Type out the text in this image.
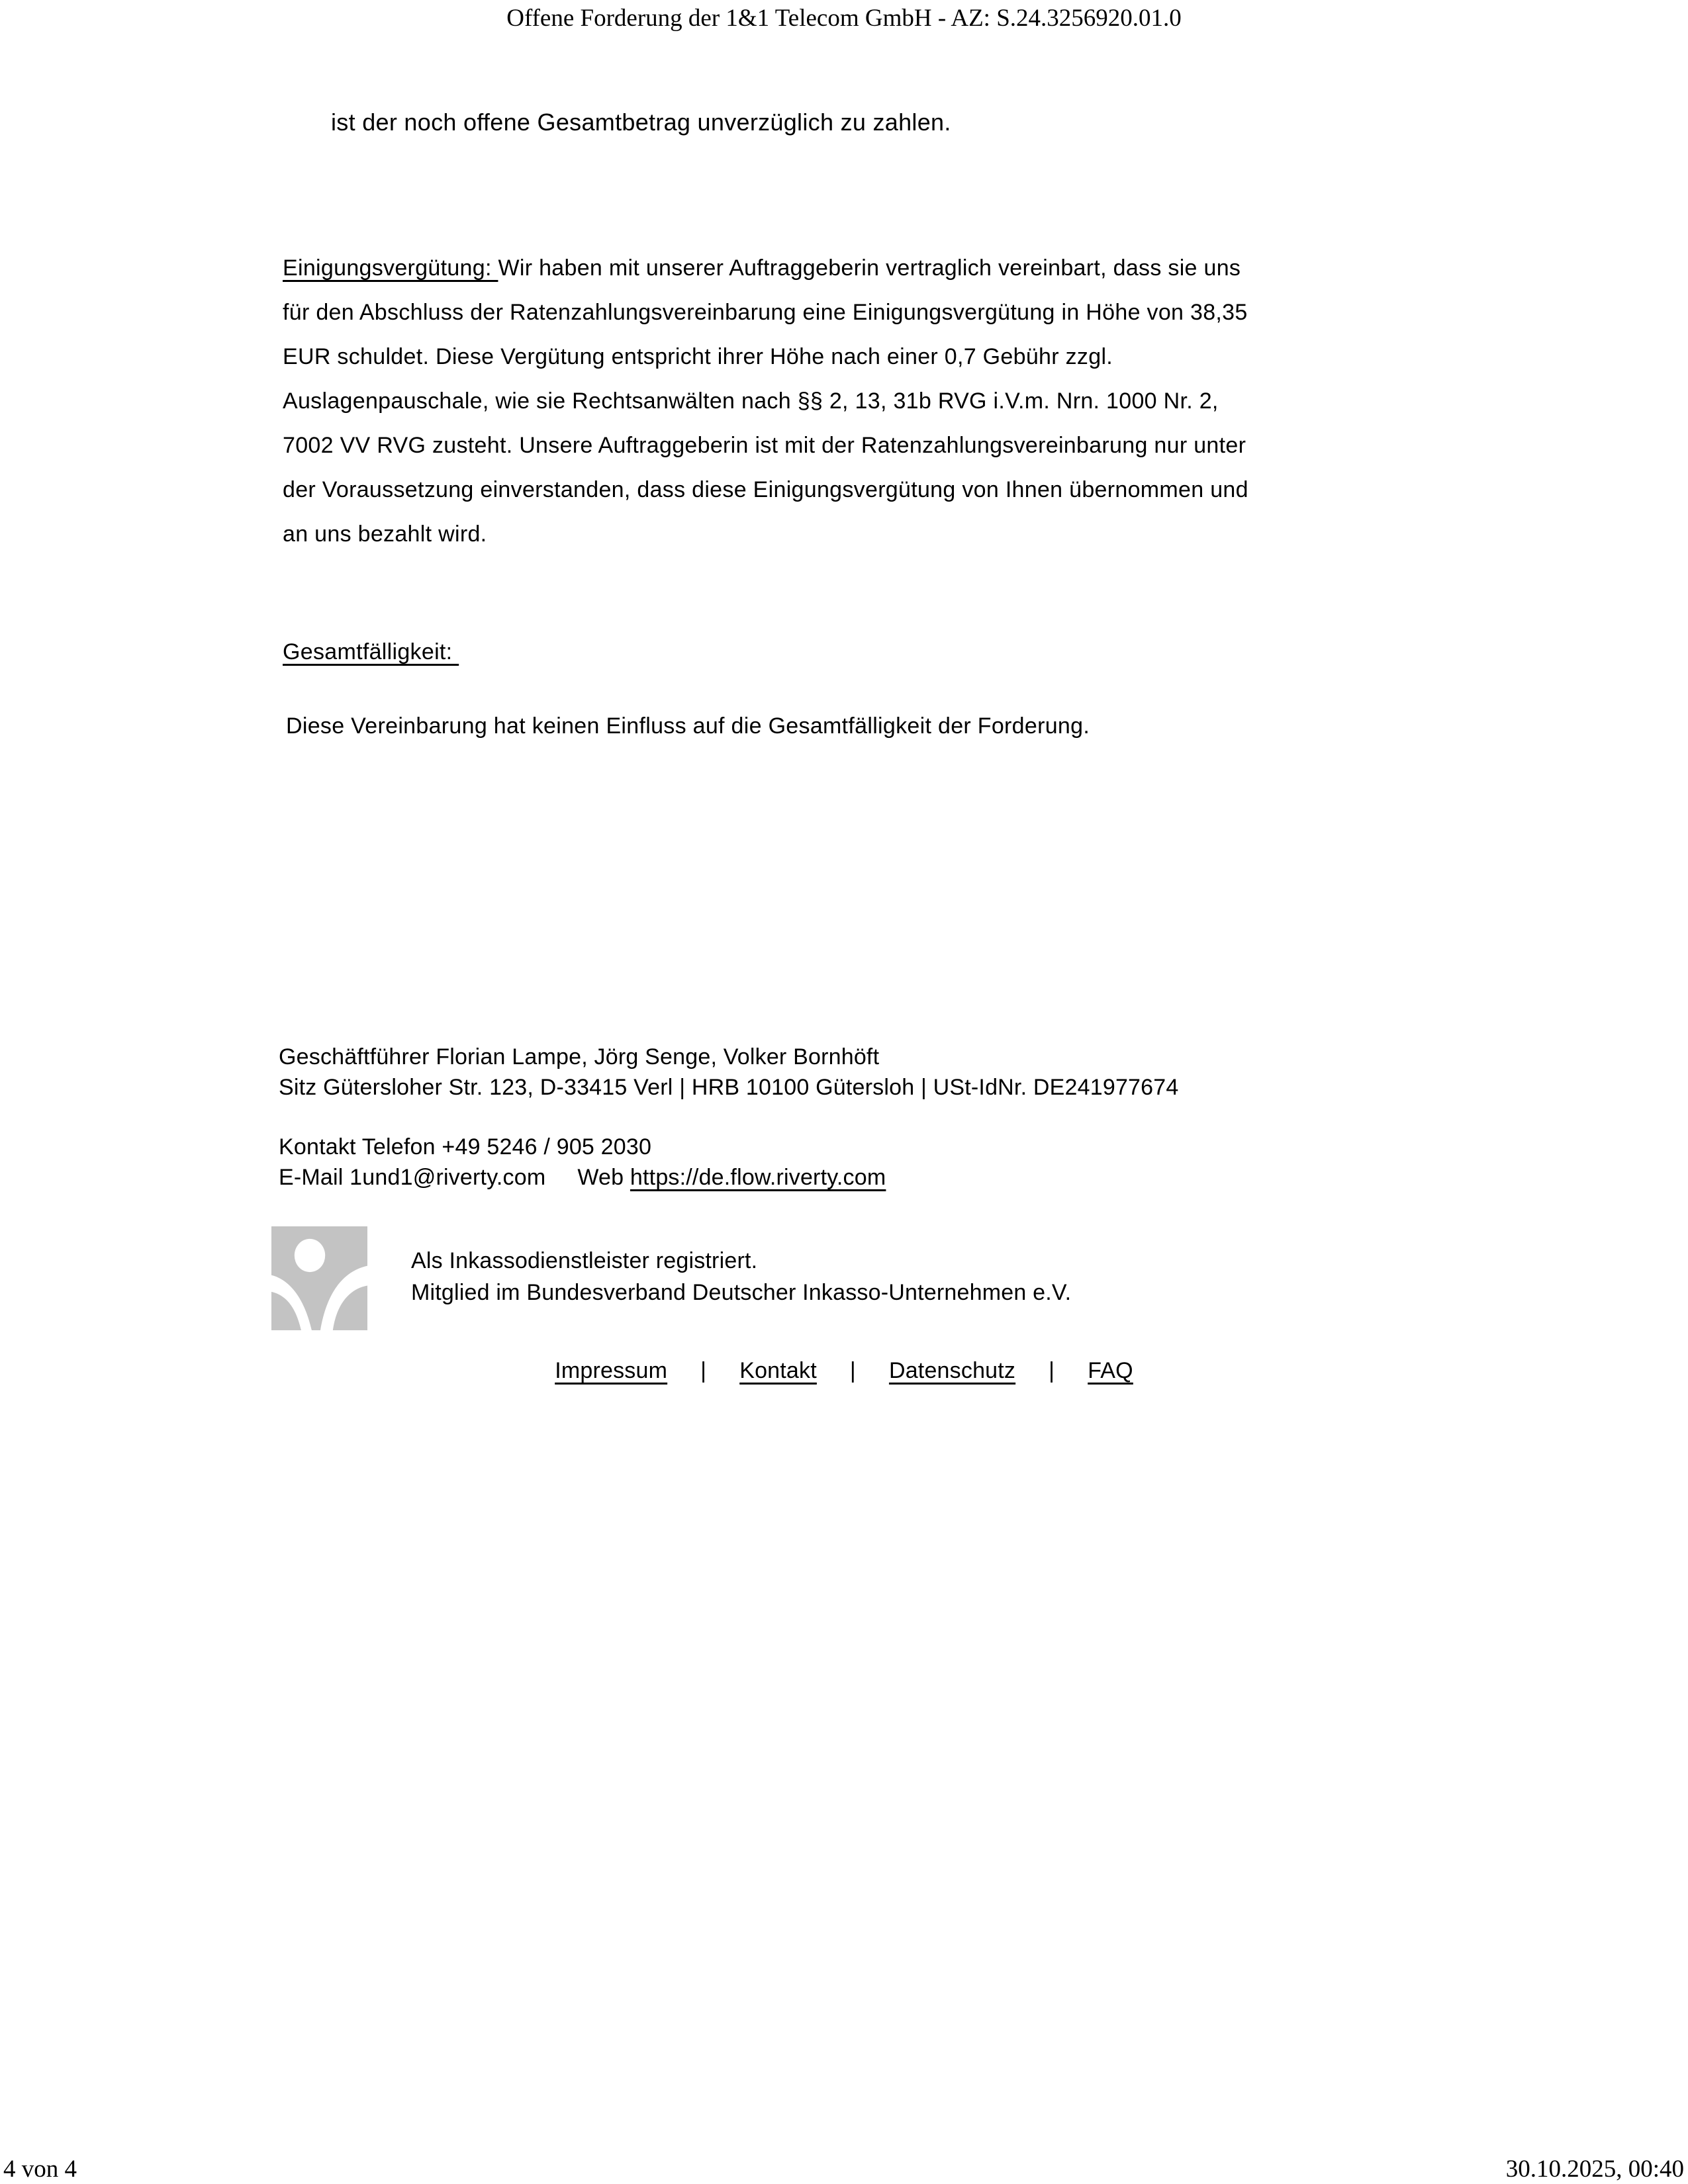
Offene Forderung der 1&1 Telecom GmbH - AZ: S.24.3256920.01.0
ist der noch offene Gesamtbetrag unverzüglich zu zahlen.
Einigungsvergütung: Wir haben mit unserer Auftraggeberin vertraglich vereinbart, dass sie uns
für den Abschluss der Ratenzahlungsvereinbarung eine Einigungsvergütung in Höhe von 38,35
EUR schuldet. Diese Vergütung entspricht ihrer Höhe nach einer 0,7 Gebühr zzgl.
Auslagenpauschale, wie sie Rechtsanwälten nach §§ 2, 13, 31b RVG i.V.m. Nrn. 1000 Nr. 2,
7002 VV RVG zusteht. Unsere Auftraggeberin ist mit der Ratenzahlungsvereinbarung nur unter
der Voraussetzung einverstanden, dass diese Einigungsvergütung von Ihnen übernommen und
an uns bezahlt wird.
Gesamtfälligkeit:
Diese Vereinbarung hat keinen Einfluss auf die Gesamtfälligkeit der Forderung.
Geschäftführer Florian Lampe, Jörg Senge, Volker Bornhöft
Sitz Gütersloher Str. 123, D-33415 Verl | HRB 10100 Gütersloh | USt-IdNr. DE241977674
Kontakt Telefon +49 5246 / 905 2030
E-Mail 1und1@riverty.com Web https://de.flow.riverty.com
Als Inkassodienstleister registriert.
Mitglied im Bundesverband Deutscher Inkasso-Unternehmen e.V.
Impressum | Kontakt | Datenschutz | FAQ
4 von 4	30.10.2025, 00:40
